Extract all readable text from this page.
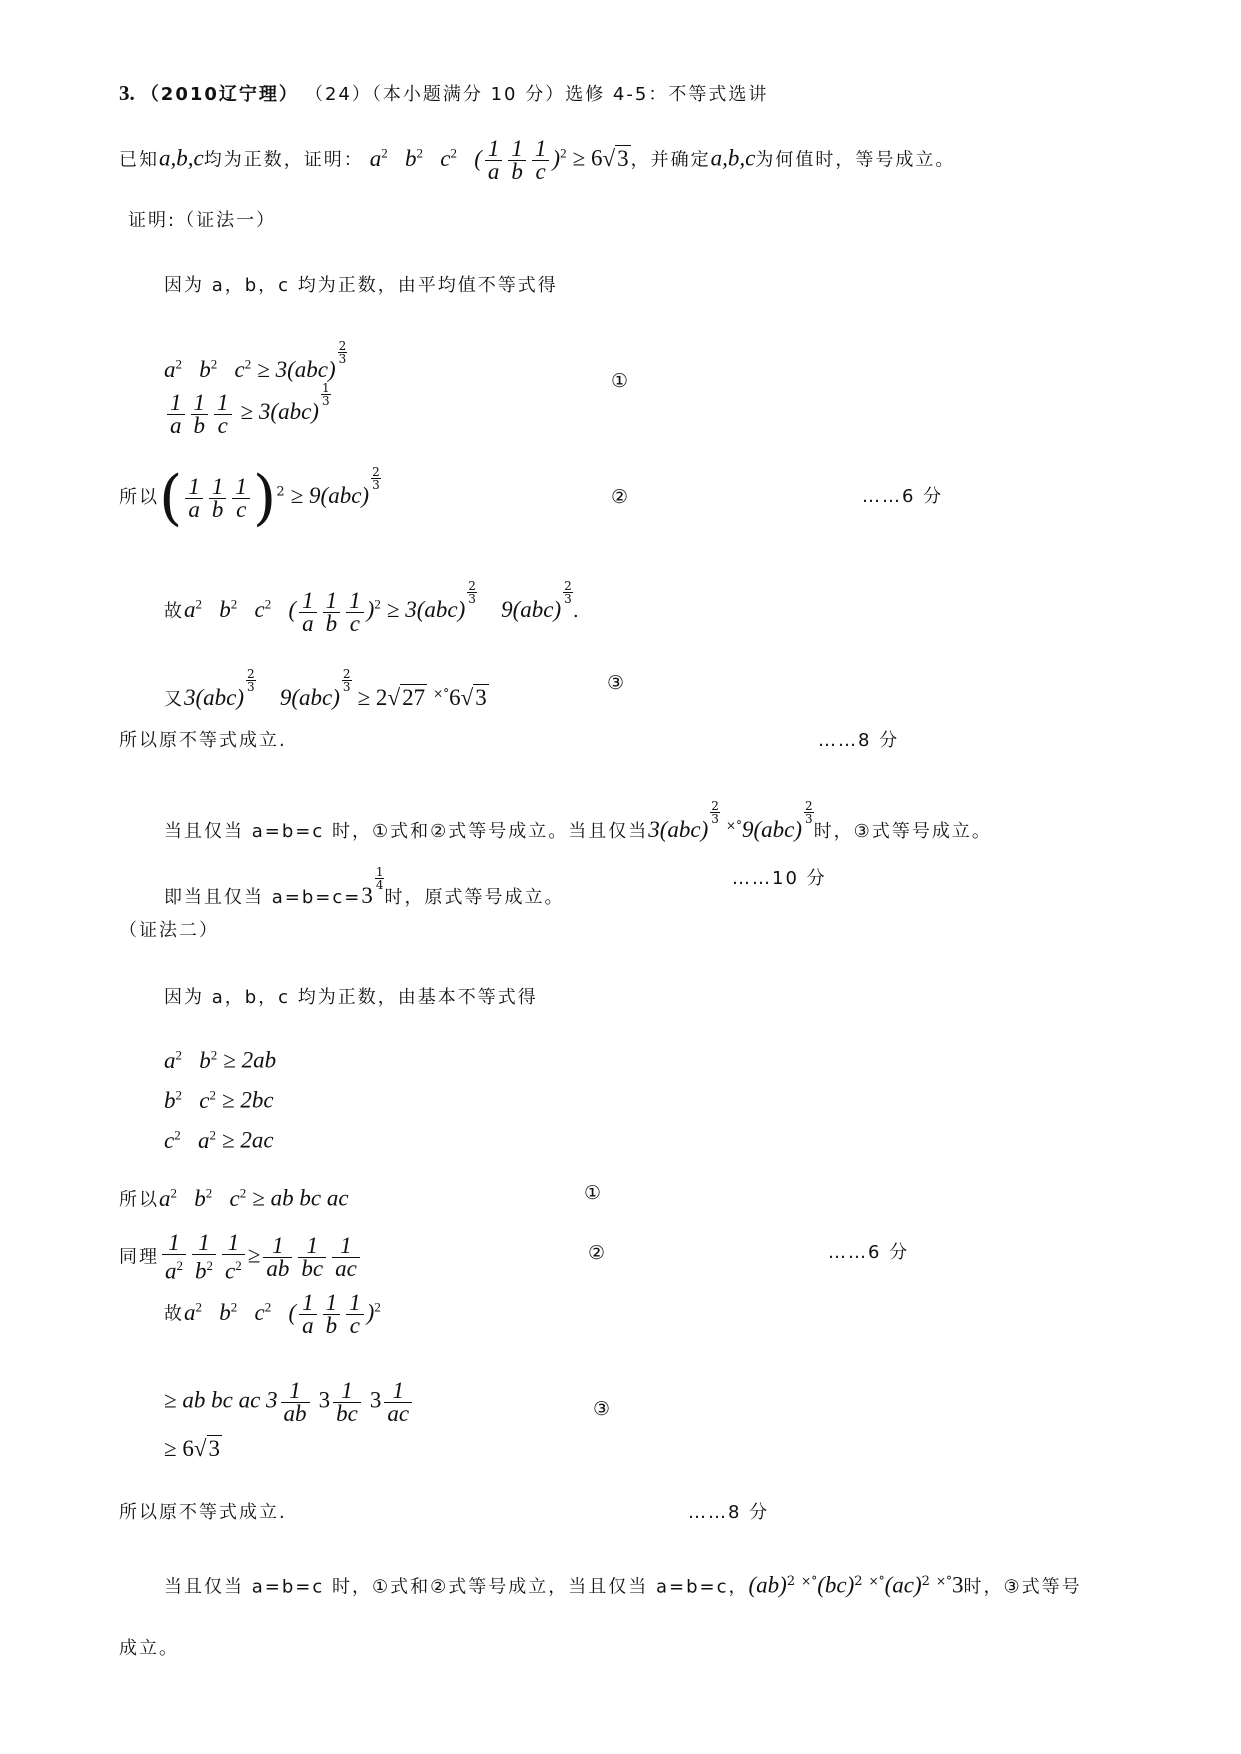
3. （2010辽宁理） （24）（本小题满分 10 分）选修 4-5：不等式选讲
已知a,b,c均为正数，证明： $a^2$   $b^2$   $c^2$   ( $\frac{1}{a} \frac{1}{b} \frac{1}{c} )^2 \ge 6√3$ ，并确定a,b,c为何值时，等号成立。
证明:（证法一）
因为 a，b，c 均为正数，由平均值不等式得
$a^2$   $b^2$   $c^2 \ge 3(abc)$
$\frac{2}{3}$
$\frac{1}{a} \frac{1}{b} \frac{1}{c} \ge 3(abc)$
$\frac{1}{3}$
①
所以( $\frac{1}{a} \frac{1}{b} \frac{1}{c} )^2 \ge 9(abc)$
$\frac{2}{3}$
②	……6 分
故$a^2$   $b^2$   $c^2$   ( $\frac{1}{a} \frac{1}{b} \frac{1}{c} )^2 \ge 3(abc)$
$\frac{2}{3}$
9(abc)
$\frac{2}{3}$
.
又3(abc)
$\frac{2}{3}$
9(abc)
$\frac{2}{3}$
≥ 2√27 ×°6√3
③
所以原不等式成立.	……8 分
当且仅当 a=b=c 时，①式和②式等号成立。当且仅当3(abc)
$\frac{2}{3}$
×°9(abc)
$\frac{2}{3}$
时，③式等号成立。
即当且仅当 a=b=c=3
$\frac{1}{4}$
时，原式等号成立。
……10 分
（证法二）
因为 a，b，c 均为正数，由基本不等式得
$a^2$   $b^2 \ge 2ab$
$b^2$   $c^2 \ge 2bc$
$c^2$   $a^2 \ge 2ac$
所以$a^2$   $b^2$   $c^2$ ≥ ab bc ac	①
同理 $\frac{1}{a^2} \frac{1}{b^2} \frac{1}{c^2} \ge \frac{1}{ab} \frac{1}{bc} \frac{1}{ac}$	②	……6 分
故$a^2$   $b^2$   $c^2$   ( $\frac{1}{a} \frac{1}{b} \frac{1}{c} )^2$
≥ ab bc ac $3 \frac{1}{ab} 3 \frac{1}{bc} 3 \frac{1}{ac}$	③
≥ 6√3
所以原不等式成立.	……8 分
当且仅当 a=b=c 时，①式和②式等号成立，当且仅当 a=b=c，(ab)$^2$ ×°(bc)$^2$ ×°(ac)$^2$ ×°3时，③式等号
成立。
